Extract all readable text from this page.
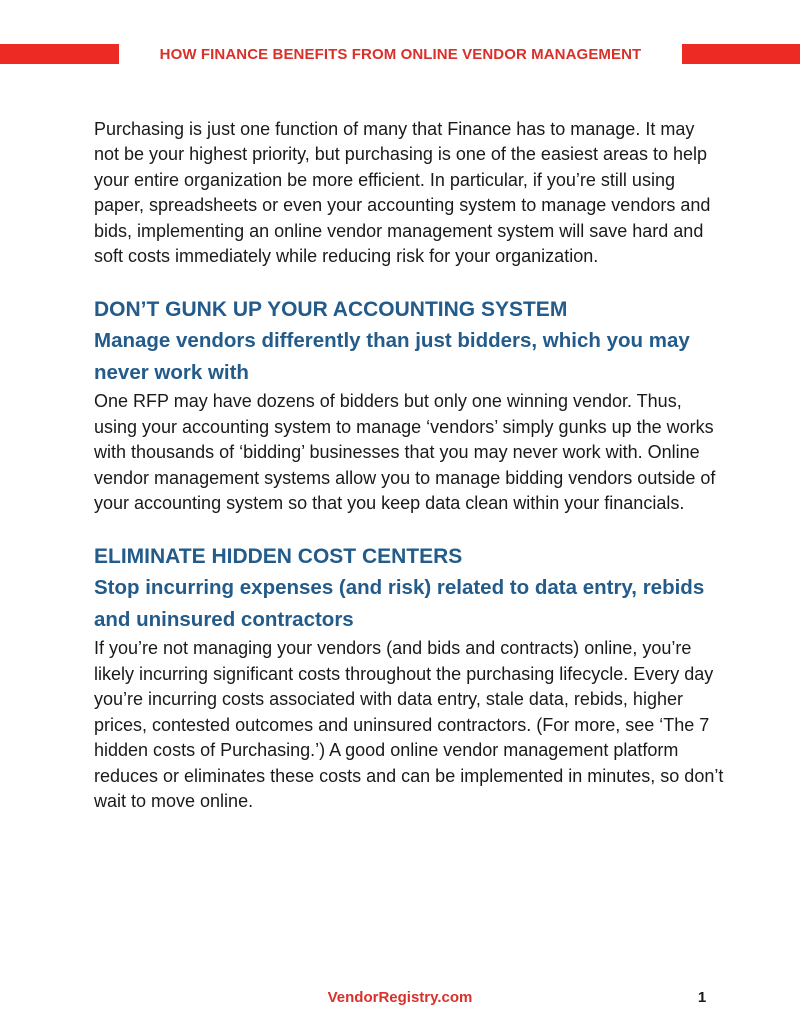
HOW FINANCE BENEFITS FROM ONLINE VENDOR MANAGEMENT

Purchasing is just one function of many that Finance has to manage. It may not be your highest priority, but purchasing is one of the easiest areas to help your entire organization be more efficient. In particular, if you’re still using paper, spreadsheets or even your accounting system to manage vendors and bids, implementing an online vendor management system will save hard and soft costs immediately while reducing risk for your organization.

DON’T GUNK UP YOUR ACCOUNTING SYSTEM
Manage vendors differently than just bidders, which you may never work with

One RFP may have dozens of bidders but only one winning vendor. Thus, using your accounting system to manage ‘vendors’ simply gunks up the works with thousands of ‘bidding’ businesses that you may never work with. Online vendor management systems allow you to manage bidding vendors outside of your accounting system so that you keep data clean within your financials.

ELIMINATE HIDDEN COST CENTERS
Stop incurring expenses (and risk) related to data entry, rebids and uninsured contractors

If you’re not managing your vendors (and bids and contracts) online, you’re likely incurring significant costs throughout the purchasing lifecycle. Every day you’re incurring costs associated with data entry, stale data, rebids, higher prices, contested outcomes and uninsured contractors. (For more, see ‘The 7 hidden costs of Purchasing.’) A good online vendor management platform reduces or eliminates these costs and can be implemented in minutes, so don’t wait to move online.

VendorRegistry.com	1
